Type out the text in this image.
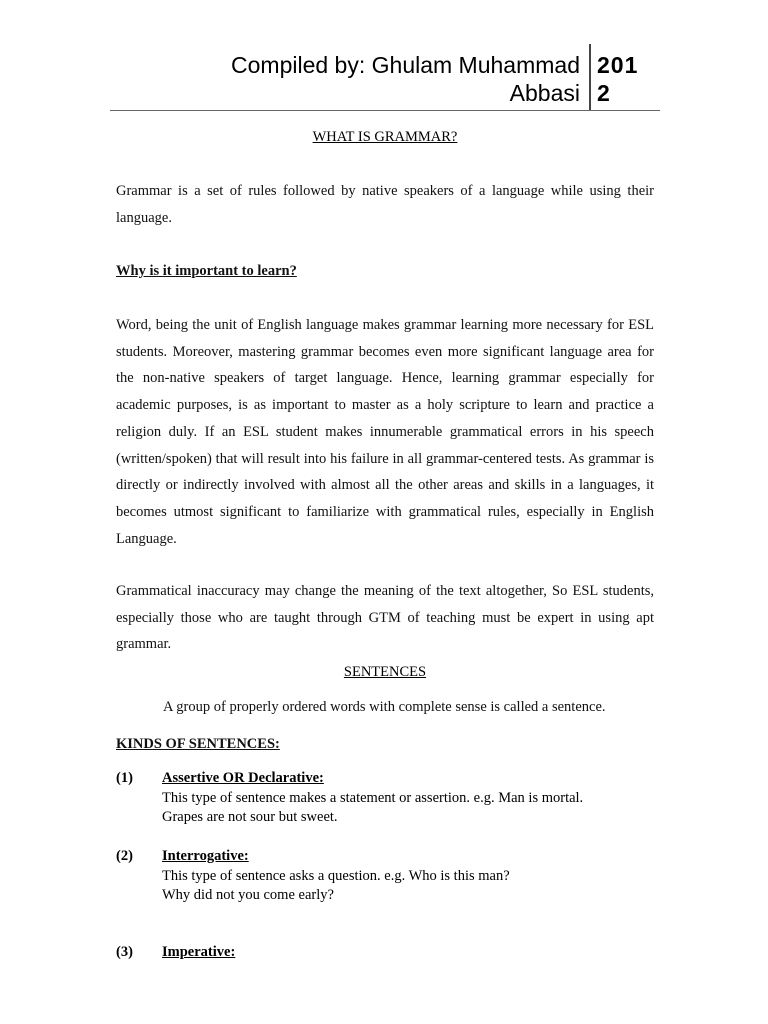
Compiled by: Ghulam Muhammad
Abbasi
201
2
WHAT IS GRAMMAR?
Grammar is a set of rules followed by native speakers of a language while using their language.
Why is it important to learn?
Word, being the unit of English language makes grammar learning more necessary for ESL students. Moreover, mastering grammar becomes even more significant language area for the non-native speakers of target language. Hence, learning grammar especially for academic purposes, is as important to master as a holy scripture to learn and practice a religion duly. If an ESL student makes innumerable grammatical errors in his speech (written/spoken) that will result into his failure in all grammar-centered tests. As grammar is directly or indirectly involved with almost all the other areas and skills in a languages, it becomes utmost significant to familiarize with grammatical rules, especially in English Language.
Grammatical inaccuracy may change the meaning of the text altogether, So ESL students, especially those who are taught through GTM of teaching must be expert in using apt grammar.
SENTENCES
A group of properly ordered words with complete sense is called a sentence.
KINDS OF SENTENCES:
(1) Assertive OR Declarative:
This type of sentence makes a statement or assertion. e.g. Man is mortal.
Grapes are not sour but sweet.
(2) Interrogative:
This type of sentence asks a question. e.g. Who is this man?
Why did not you come early?
(3) Imperative:
